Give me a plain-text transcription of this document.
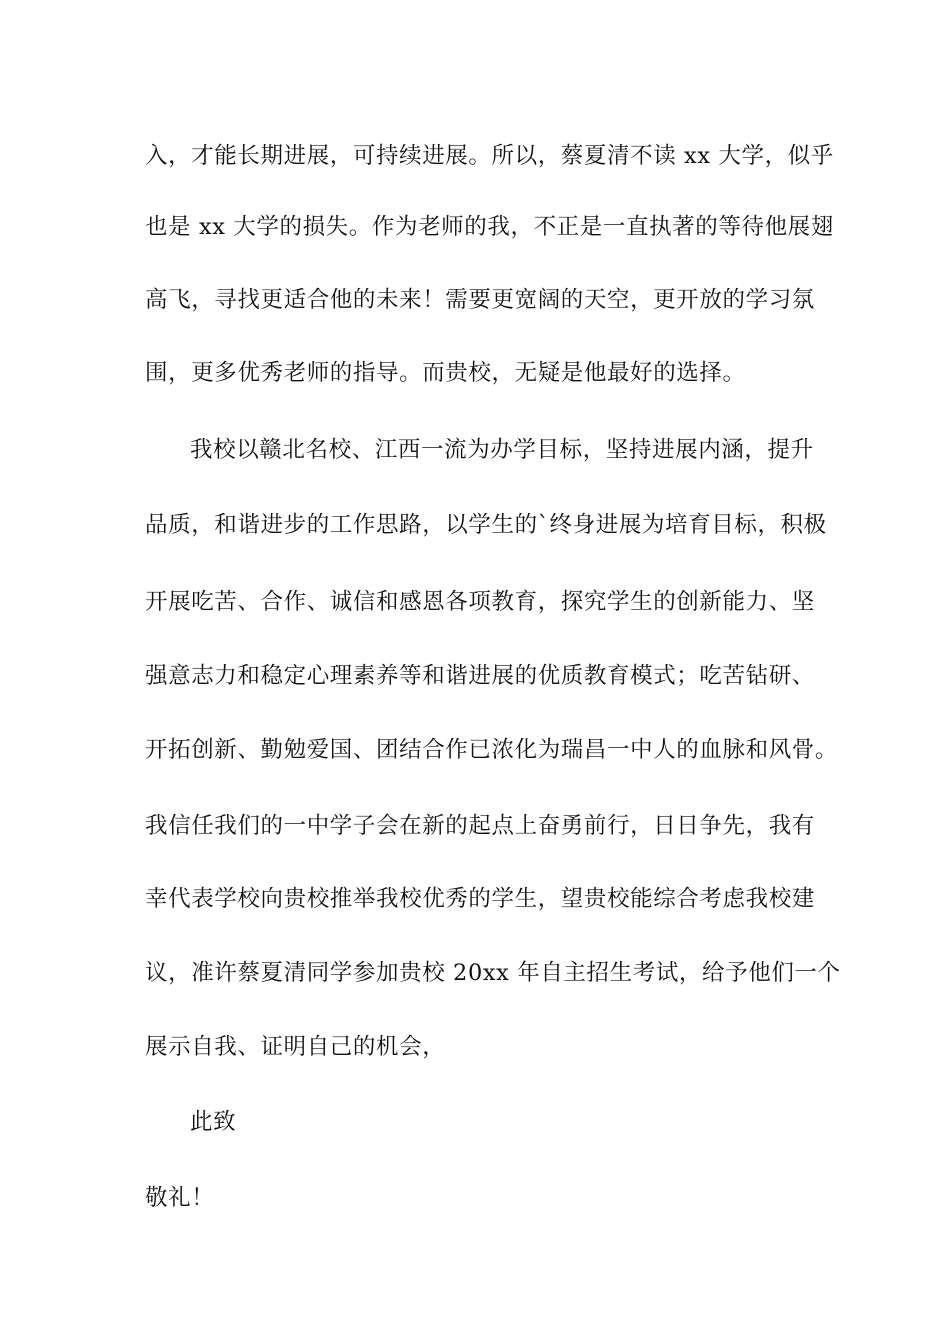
入，才能长期进展，可持续进展。所以，蔡夏清不读 xx 大学，似乎
也是 xx 大学的损失。作为老师的我，不正是一直执著的等待他展翅
高飞，寻找更适合他的未来！需要更宽阔的天空，更开放的学习氛
围，更多优秀老师的指导。而贵校，无疑是他最好的选择。
我校以赣北名校、江西一流为办学目标，坚持进展内涵，提升
品质，和谐进步的工作思路，以学生的`终身进展为培育目标，积极
开展吃苦、合作、诚信和感恩各项教育，探究学生的创新能力、坚
强意志力和稳定心理素养等和谐进展的优质教育模式；吃苦钻研、
开拓创新、勤勉爱国、团结合作已浓化为瑞昌一中人的血脉和风骨。
我信任我们的一中学子会在新的起点上奋勇前行，日日争先，我有
幸代表学校向贵校推举我校优秀的学生，望贵校能综合考虑我校建
议，准许蔡夏清同学参加贵校 20xx 年自主招生考试，给予他们一个
展示自我、证明自己的机会，
此致
敬礼！
